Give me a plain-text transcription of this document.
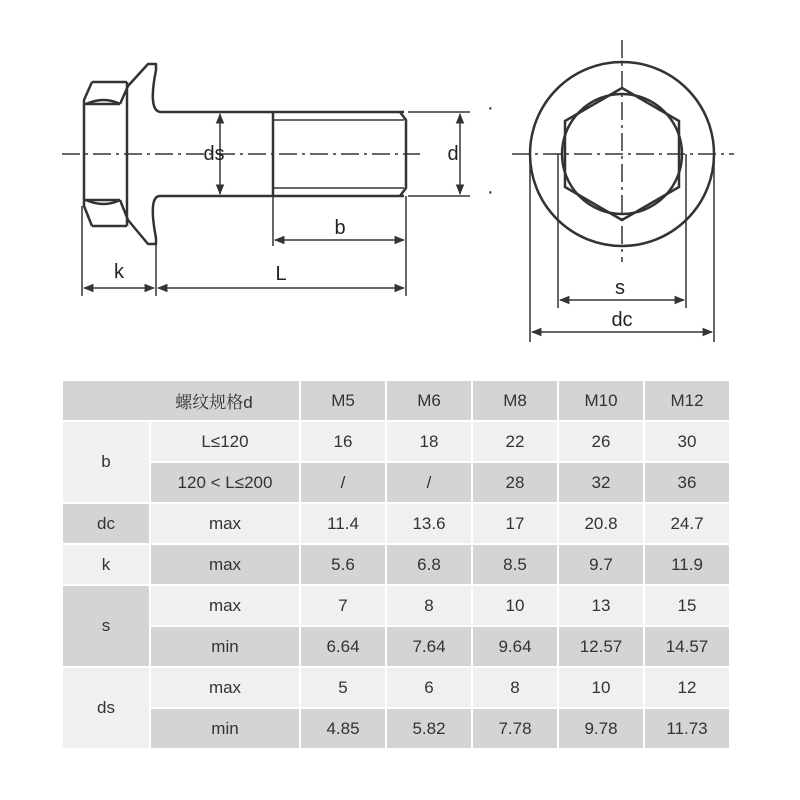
ds	d
·
·
b
k	L
s
dc
螺纹规格d		M5	M6	M8	M10	M12
b	L≤120	16	18	22	26	30
	120 < L≤200	/	/	28	32	36
dc	max	11.4	13.6	17	20.8	24.7
k	max	5.6	6.8	8.5	9.7	11.9
s	max	7	8	10	13	15
	min	6.64	7.64	9.64	12.57	14.57
ds	max	5	6	8	10	12
	min	4.85	5.82	7.78	9.78	11.73
